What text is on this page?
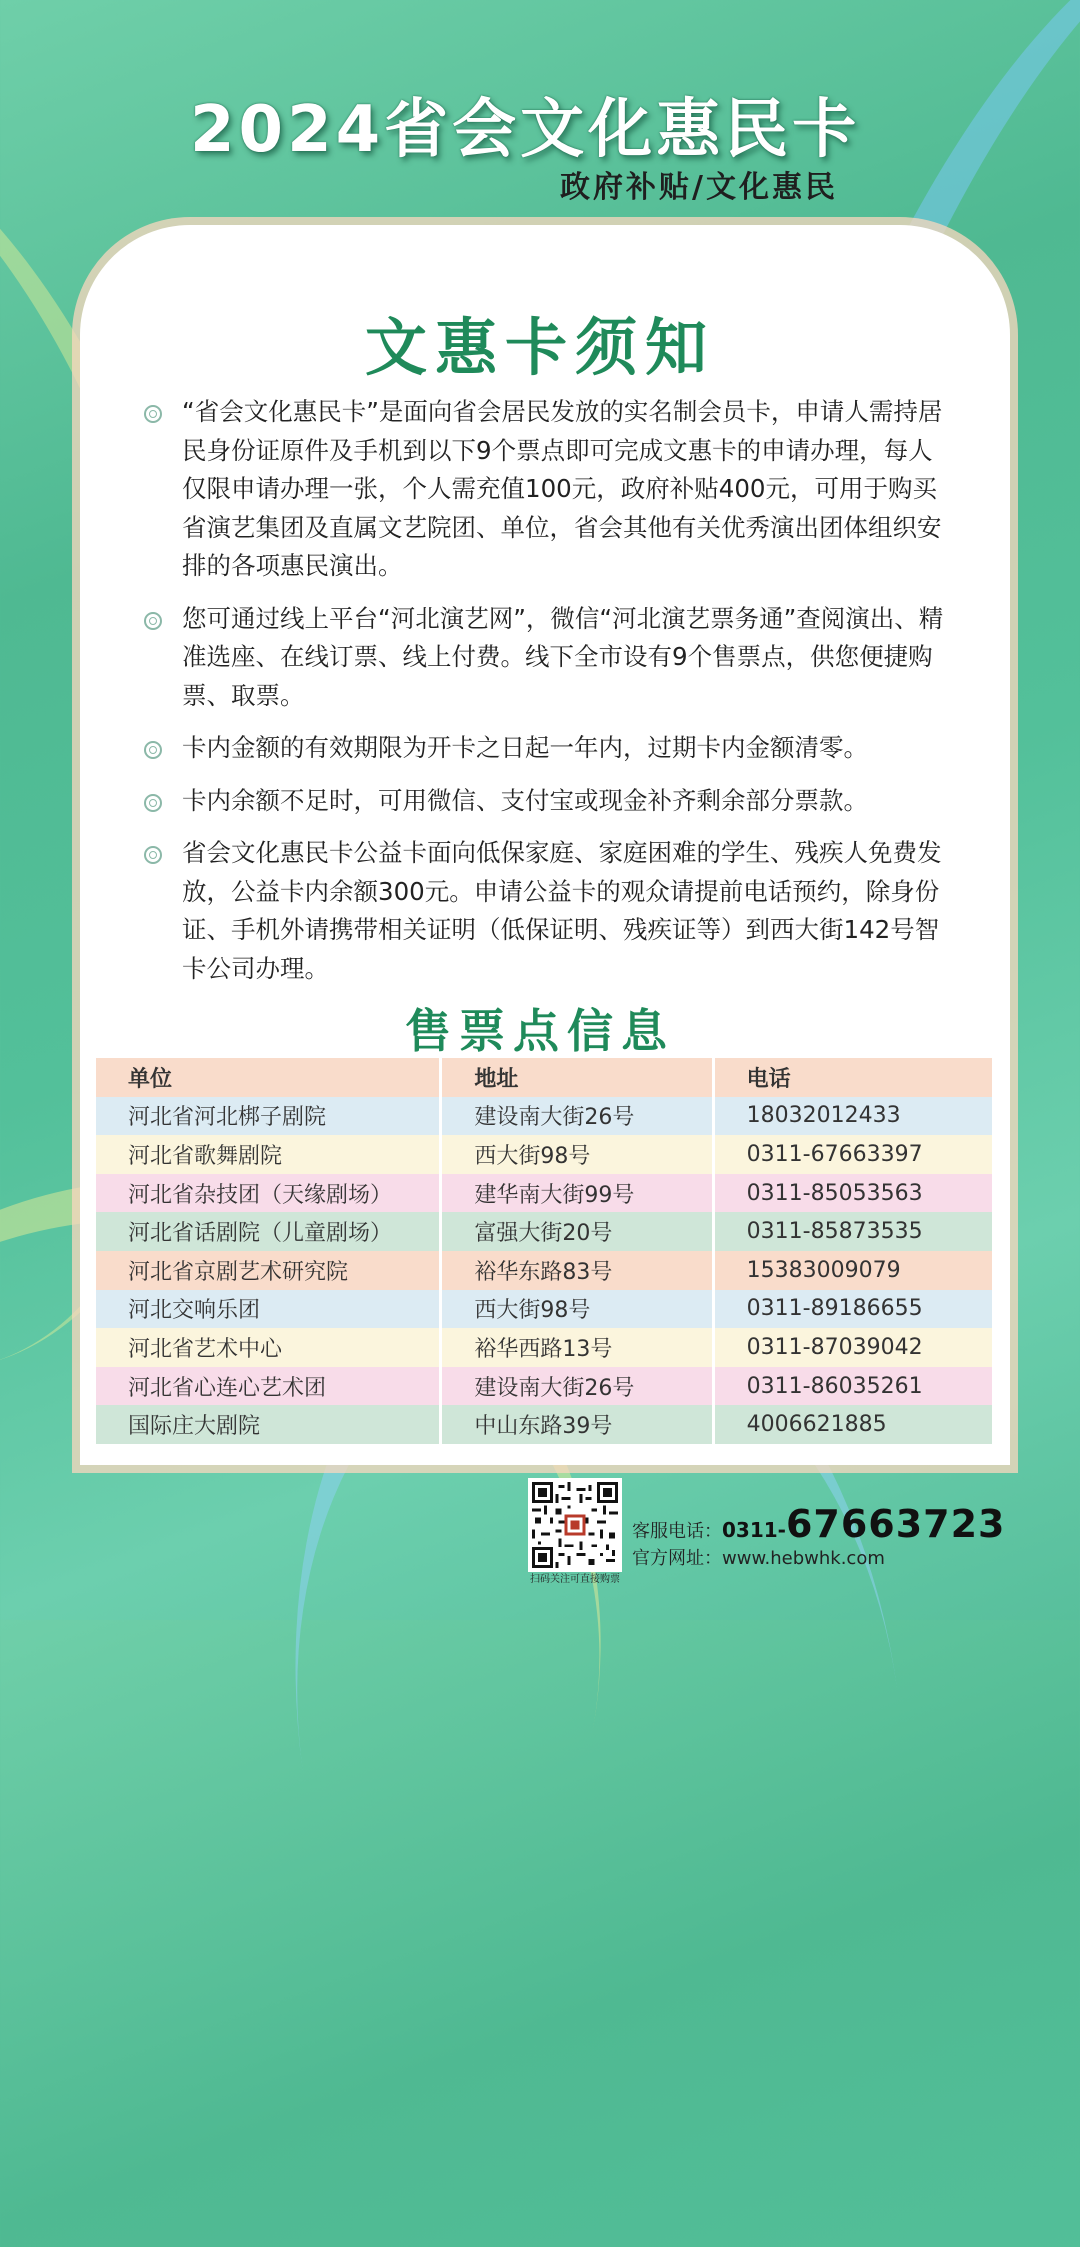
2024省会文化惠民卡
政府补贴/文化惠民
文惠卡须知
“省会文化惠民卡”是面向省会居民发放的实名制会员卡，申请人需持居民身份证原件及手机到以下9个票点即可完成文惠卡的申请办理，每人仅限申请办理一张，个人需充值100元，政府补贴400元，可用于购买省演艺集团及直属文艺院团、单位，省会其他有关优秀演出团体组织安排的各项惠民演出。
您可通过线上平台“河北演艺网”，微信“河北演艺票务通”查阅演出、精准选座、在线订票、线上付费。线下全市设有9个售票点，供您便捷购票、取票。
卡内金额的有效期限为开卡之日起一年内，过期卡内金额清零。
卡内余额不足时，可用微信、支付宝或现金补齐剩余部分票款。
省会文化惠民卡公益卡面向低保家庭、家庭困难的学生、残疾人免费发放，公益卡内余额300元。申请公益卡的观众请提前电话预约，除身份证、手机外请携带相关证明（低保证明、残疾证等）到西大街142号智卡公司办理。
售票点信息
单位	地址	电话
河北省河北梆子剧院	建设南大街26号	18032012433
河北省歌舞剧院	西大街98号	0311-67663397
河北省杂技团（天缘剧场）	建华南大街99号	0311-85053563
河北省话剧院（儿童剧场）	富强大街20号	0311-85873535
河北省京剧艺术研究院	裕华东路83号	15383009079
河北交响乐团	西大街98号	0311-89186655
河北省艺术中心	裕华西路13号	0311-87039042
河北省心连心艺术团	建设南大街26号	0311-86035261
国际庄大剧院	中山东路39号	4006621885
扫码关注可直接购票
客服电话：0311-67663723
官方网址：www.hebwhk.com
